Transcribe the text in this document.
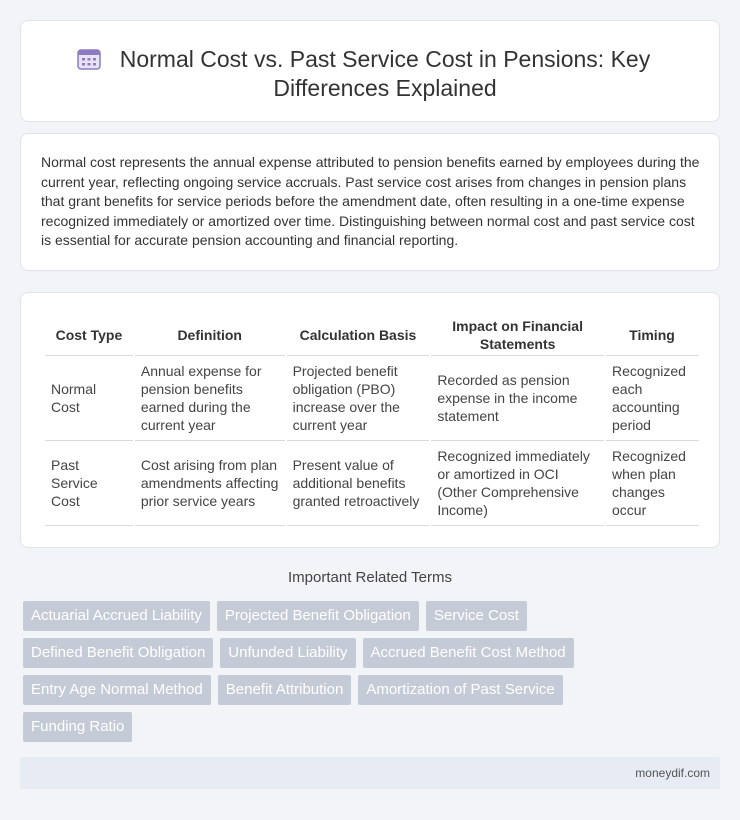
Normal Cost vs. Past Service Cost in Pensions: Key Differences Explained

Normal cost represents the annual expense attributed to pension benefits earned by employees during the current year, reflecting ongoing service accruals. Past service cost arises from changes in pension plans that grant benefits for service periods before the amendment date, often resulting in a one-time expense recognized immediately or amortized over time. Distinguishing between normal cost and past service cost is essential for accurate pension accounting and financial reporting.

Cost Type	Definition	Calculation Basis	Impact on Financial Statements	Timing
Normal Cost	Annual expense for pension benefits earned during the current year	Projected benefit obligation (PBO) increase over the current year	Recorded as pension expense in the income statement	Recognized each accounting period
Past Service Cost	Cost arising from plan amendments affecting prior service years	Present value of additional benefits granted retroactively	Recognized immediately or amortized in OCI (Other Comprehensive Income)	Recognized when plan changes occur
Important Related Terms
Actuarial Accrued Liability	Projected Benefit Obligation	Service Cost
Defined Benefit Obligation	Unfunded Liability	Accrued Benefit Cost Method
Entry Age Normal Method	Benefit Attribution	Amortization of Past Service
Funding Ratio
moneydif.com
